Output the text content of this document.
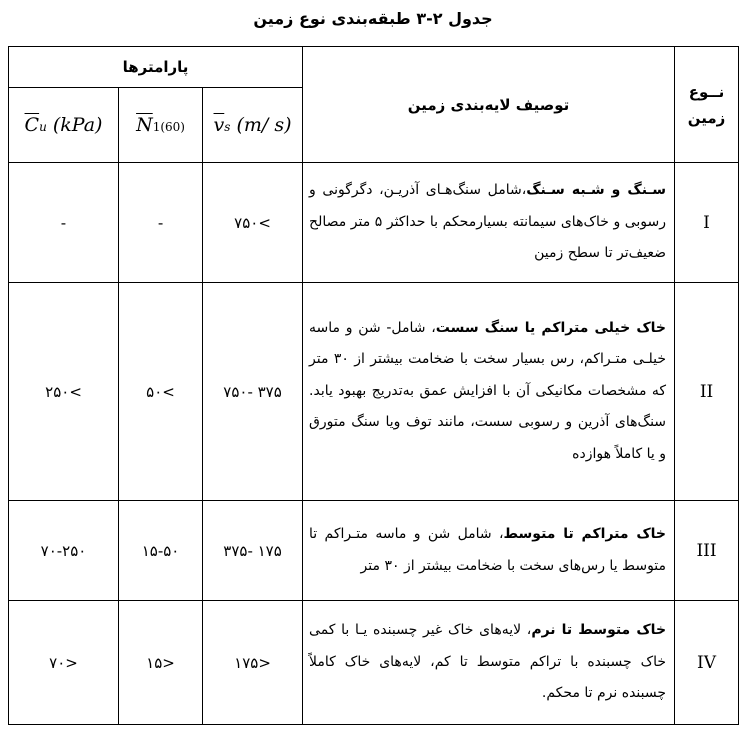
جدول ۲-۳ طبقه‌بندی نوع زمین
نــوع زمین	توصیف لایه‌بندی زمین	پارامترها		
		vs (m/ s)	N1(60)	Cu (kPa)
I	سـنگ و شـبه سـنگ،شامل سنگ‌هـای آذریـن، دگرگونی و رسوبی و خاک‌های سیمانته بسیارمحکم با حداکثر ۵ متر مصالح ضعیف‌تر تا سطح زمین	>۷۵۰	-	-
II	خاک خیلی متراکم یا سنگ سست، شامل- شن و ماسه خیلـی متـراکم، رس بسیار سخت با ضخامت بیشتر از ۳۰ متر که مشخصات مکانیکی آن با افزایش عمق به‌تدریج بهبود یابد. سنگ‌های آذرین و رسوبی سست، مانند توف ویا سنگ متورق و یا کاملاً هوازده	۳۷۵ -۷۵۰	>۵۰	>۲۵۰
III	خاک متراکم تا متوسط، شامل شن و ماسه متـراکم تا متوسط یا رس‌های سخت با ضخامت بیشتر از ۳۰ متر	۱۷۵ -۳۷۵	۱۵-۵۰	۷۰-۲۵۰
IV	خاک متوسط تا نرم، لایه‌های خاک غیر چسبنده یـا با کمی خاک چسبنده با تراکم متوسط تا کم، لایه‌های خاک کاملاً چسبنده نرم تا محکم.	<۱۷۵	<۱۵	<۷۰
